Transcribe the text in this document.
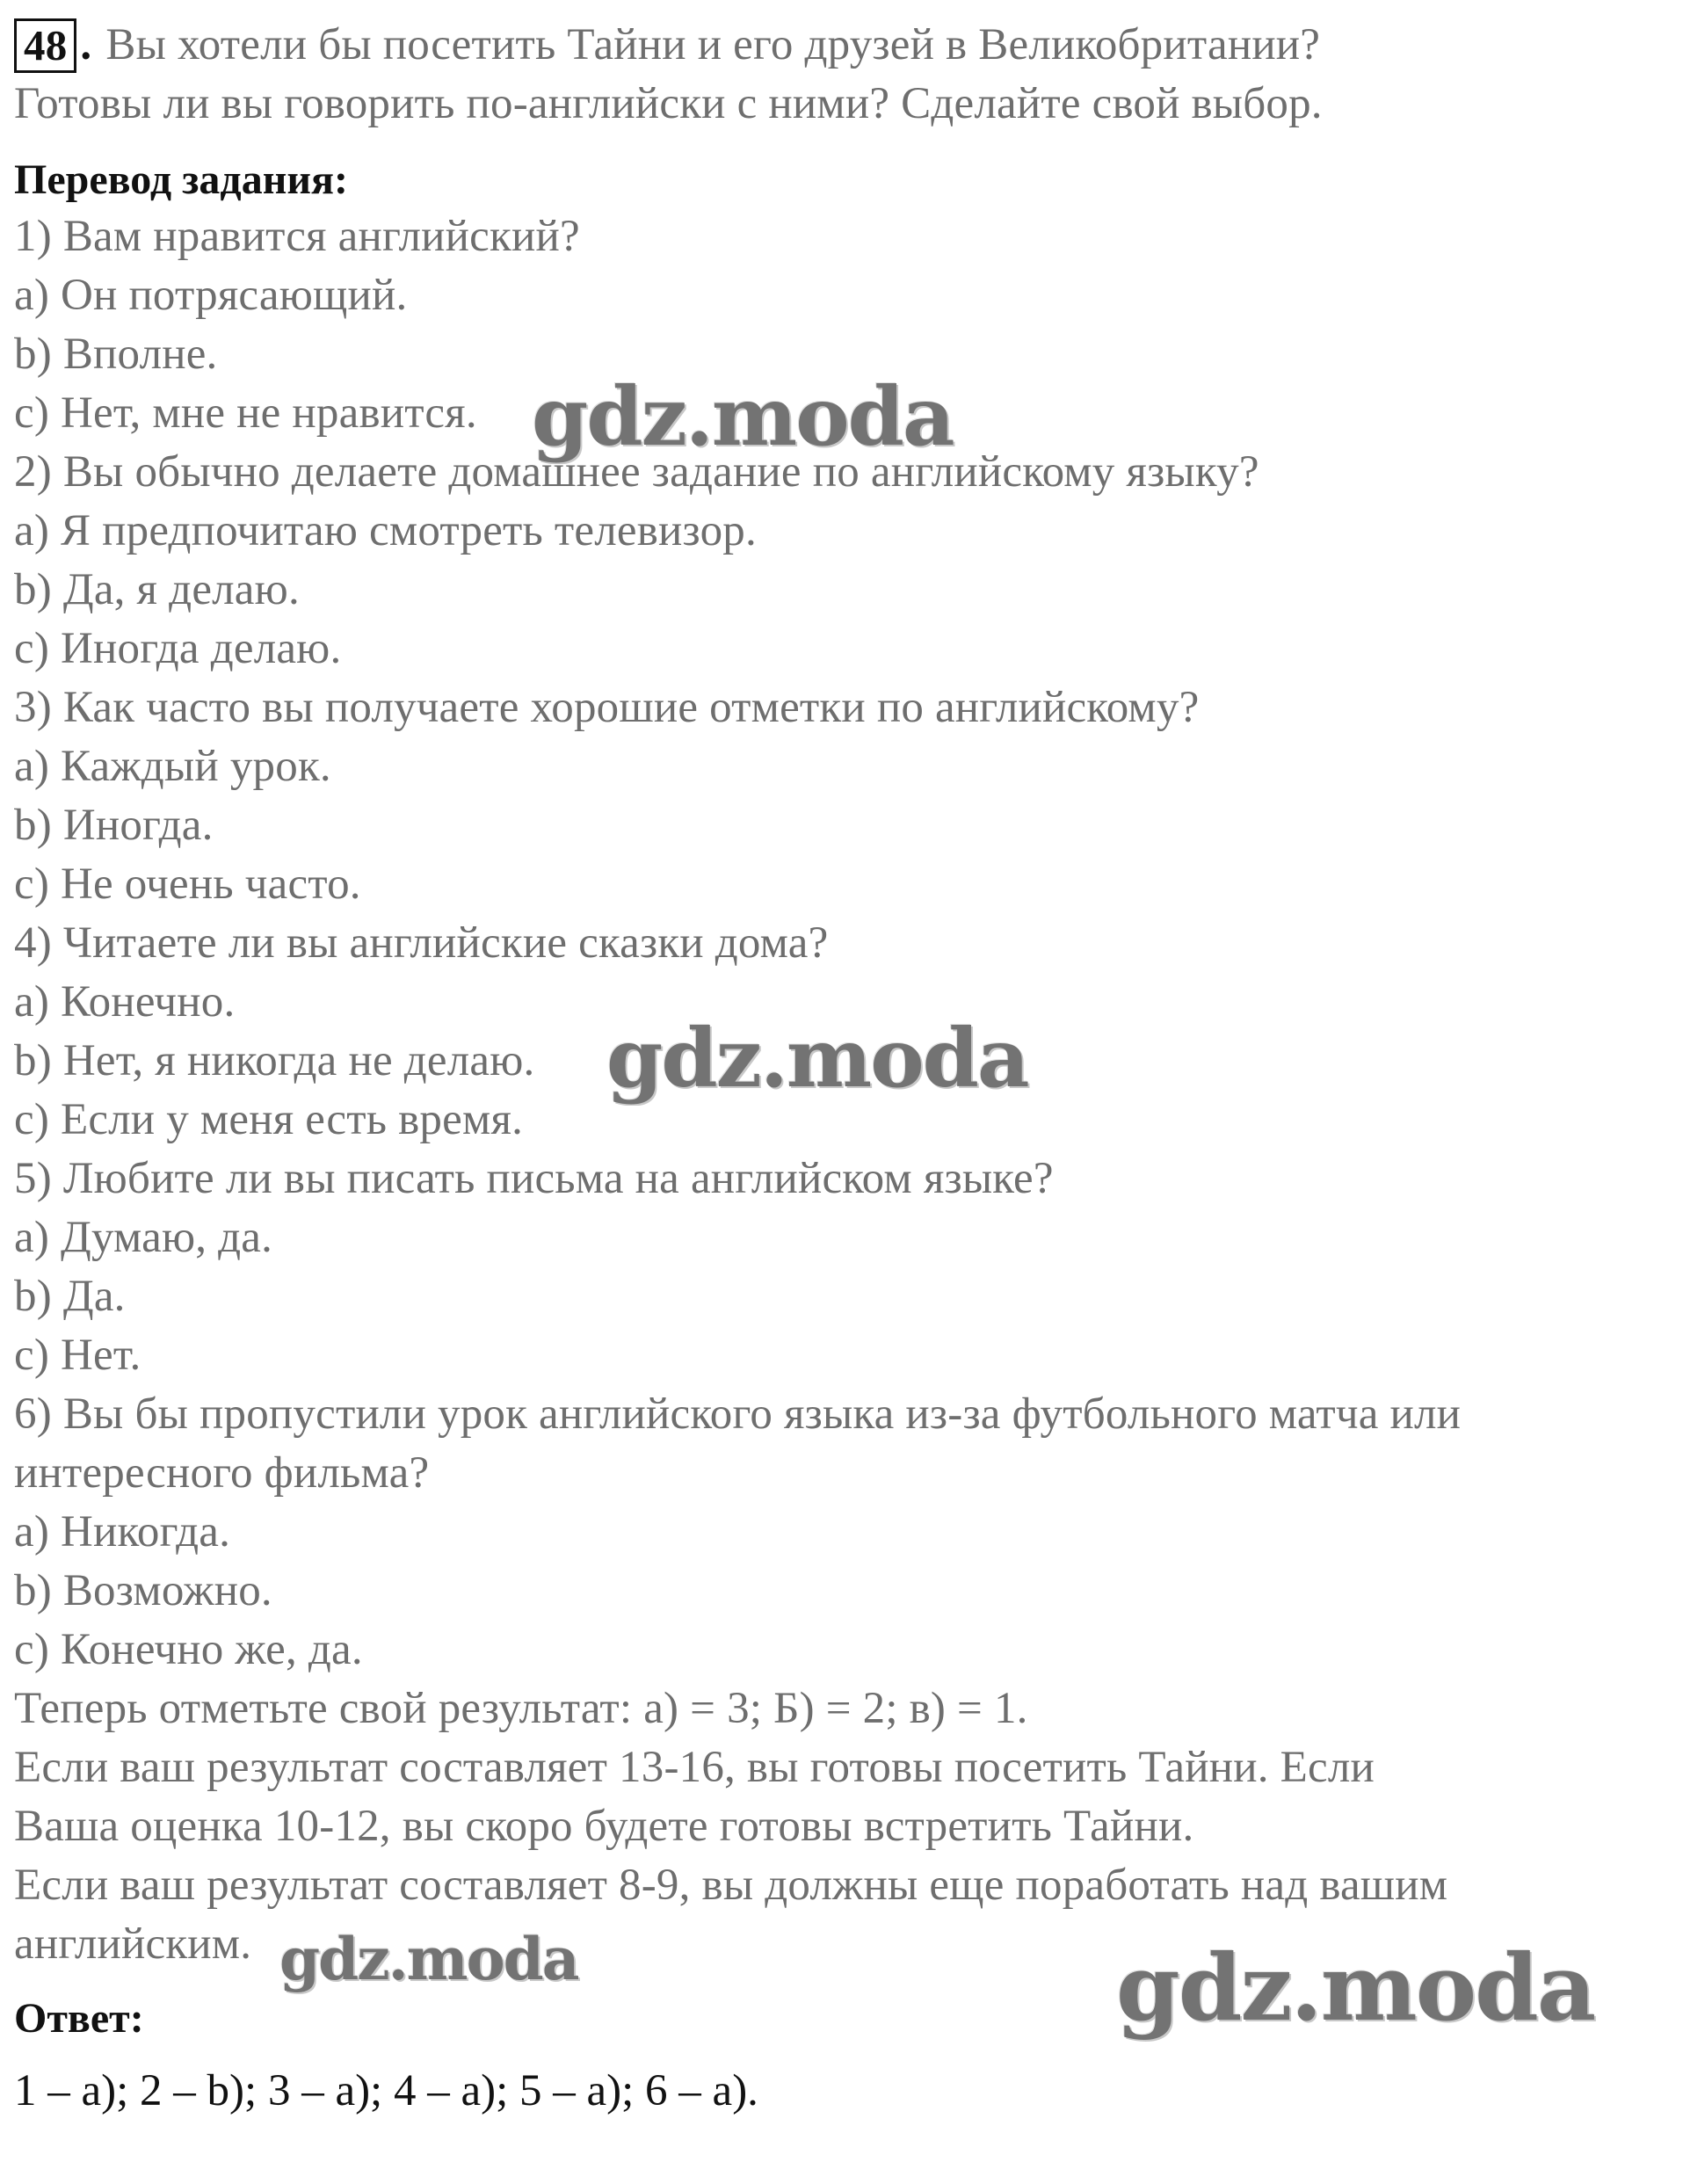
48 . Вы хотели бы посетить Тайни и его друзей в Великобритании?
Готовы ли вы говорить по-английски с ними? Сделайте свой выбор.
Перевод задания:
1) Вам нравится английский?
a) Он потрясающий.
b) Вполне.
c) Нет, мне не нравится.
2) Вы обычно делаете домашнее задание по английскому языку?
a) Я предпочитаю смотреть телевизор.
b) Да, я делаю.
c) Иногда делаю.
3) Как часто вы получаете хорошие отметки по английскому?
a) Каждый урок.
b) Иногда.
c) Не очень часто.
4) Читаете ли вы английские сказки дома?
a) Конечно.
b) Нет, я никогда не делаю.
c) Если у меня есть время.
5) Любите ли вы писать письма на английском языке?
a) Думаю, да.
b) Да.
c) Нет.
6) Вы бы пропустили урок английского языка из-за футбольного матча или
интересного фильма?
a) Никогда.
b) Возможно.
c) Конечно же, да.
Теперь отметьте свой результат: а) = 3; Б) = 2; в) = 1.
Если ваш результат составляет 13-16, вы готовы посетить Тайни. Если
Ваша оценка 10-12, вы скоро будете готовы встретить Тайни.
Если ваш результат составляет 8-9, вы должны еще поработать над вашим
английским.
Ответ:
1 – a); 2 – b); 3 – a); 4 – a); 5 – a); 6 – a).
gdz.moda
gdz.moda
gdz.moda	gdz.moda
